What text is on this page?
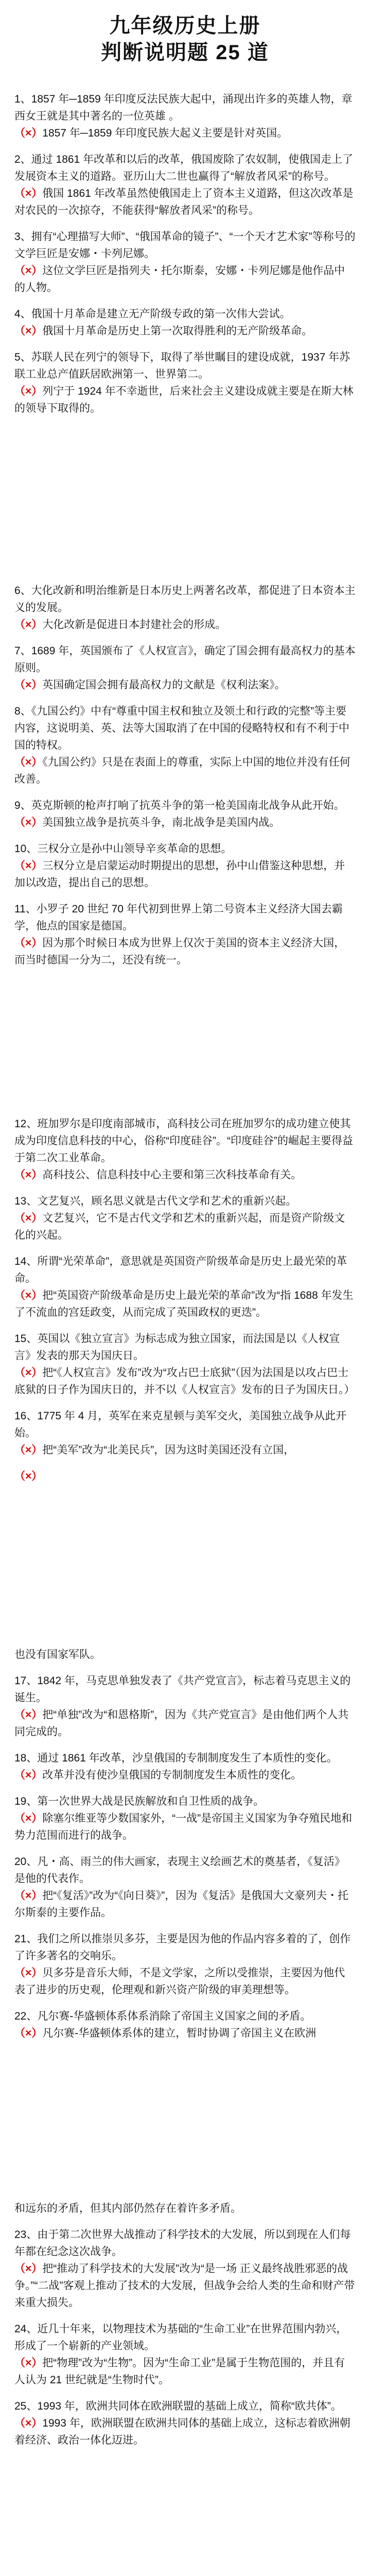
九年级历史上册
判断说明题 25 道
1、1857 年─1859 年印度反法民族大起中，涌现出许多的英雄人物，章西女王就是其中著名的一位英雄 。
（×）1857 年─1859 年印度民族大起义主要是针对英国。
2、通过 1861 年改革和以后的改革，俄国废除了农奴制，使俄国走上了发展资本主义的道路。亚历山大二世也赢得了“解放者风采”的称号。
（×）俄国 1861 年改革虽然使俄国走上了资本主义道路，但这次改革是对农民的一次掠夺，不能获得“解放者风采”的称号。
3、拥有“心理描写大师”、“俄国革命的镜子”、“一个天才艺术家”等称号的文学巨匠是安娜・卡列尼娜。
（×）这位文学巨匠是指列夫・托尔斯泰，安娜・卡列尼娜是他作品中的人物。
4、俄国十月革命是建立无产阶级专政的第一次伟大尝试。
（×）俄国十月革命是历史上第一次取得胜利的无产阶级革命。
5、苏联人民在列宁的领导下，取得了举世瞩目的建设成就，1937 年苏联工业总产值跃居欧洲第一、世界第二。
（×）列宁于 1924 年不幸逝世，后来社会主义建设成就主要是在斯大林的领导下取得的。
6、大化改新和明治维新是日本历史上两著名改革，都促进了日本资本主义的发展。
（×）大化改新是促进日本封建社会的形成。
7、1689 年，英国颁布了《人权宣言》，确定了国会拥有最高权力的基本原则。
（×）英国确定国会拥有最高权力的文献是《权利法案》。
8、《九国公约》中有“尊重中国主权和独立及领土和行政的完整”等主要内容，这说明美、英、法等大国取消了在中国的侵略特权和有不利于中国的特权。
（×）《九国公约》只是在表面上的尊重，实际上中国的地位并没有任何改善。
9、英克斯顿的枪声打响了抗英斗争的第一枪美国南北战争从此开始。
（×）美国独立战争是抗英斗争，南北战争是美国内战。
10、三权分立是孙中山领导辛亥革命的思想。
（×）三权分立是启蒙运动时期提出的思想，孙中山借鉴这种思想，并加以改造，提出自己的思想。
11、小罗子 20 世纪 70 年代初到世界上第二号资本主义经济大国去霸学，他点的国家是德国。
（×）因为那个时候日本成为世界上仅次于美国的资本主义经济大国，而当时德国一分为二，还没有统一。
12、班加罗尔是印度南部城市，高科技公司在班加罗尔的成功建立使其成为印度信息科技的中心，俗称“印度硅谷”。“印度硅谷”的崛起主要得益于第二次工业革命。
（×）高科技公、信息科技中心主要和第三次科技革命有关。
13、文艺复兴，顾名思义就是古代文学和艺术的重新兴起。
（×）文艺复兴，它不是古代文学和艺术的重新兴起，而是资产阶级文化的兴起。
14、所谓“光荣革命”，意思就是英国资产阶级革命是历史上最光荣的革命。
（×）把“英国资产阶级革命是历史上最光荣的革命”改为“指 1688 年发生了不流血的宫廷政变，从而完成了英国政权的更迭”。
15、英国以《独立宣言》为标志成为独立国家，而法国是以《人权宣言》发表的那天为国庆日。
（×）把“《人权宣言》发布”改为“攻占巴士底狱”（因为法国是以攻占巴士底狱的日子作为国庆日的，并不以《人权宣言》发布的日子为国庆日。）
16、1775 年 4 月，英军在来克星顿与美军交火，美国独立战争从此开始。
（×）把“美军”改为“北美民兵”，因为这时美国还没有立国，
（×）
也没有国家军队。
17、1842 年，马克思单独发表了《共产党宣言》，标志着马克思主义的诞生。
（×）把“单独”改为“和恩格斯”，因为《共产党宣言》是由他们两个人共同完成的。
18、通过 1861 年改革，沙皇俄国的专制制度发生了本质性的变化。
（×）改革并没有使沙皇俄国的专制制度发生本质性的变化。
19、第一次世界大战是民族解放和自卫性质的战争。
（×）除塞尔维亚等少数国家外，“一战”是帝国主义国家为争夺殖民地和势力范围而进行的战争。
20、凡・高、雨兰的伟大画家，表现主义绘画艺术的奠基者，《复活》是他的代表作。
（×）把“《复活》”改为“《向日葵》”，因为《复活》是俄国大文豪列夫・托尔斯泰的主要作品。
21、我们之所以推崇贝多芬，主要是因为他的作品内容多着的了，创作了许多著名的交响乐。
（×）贝多芬是音乐大师，不是文学家，之所以受推崇，主要因为他代表了进步的历史观，伦理观和新兴资产阶级的审美理想等。
22、凡尔赛-华盛顿体系体系消除了帝国主义国家之间的矛盾。
（×）凡尔赛-华盛顿体系体的建立，暂时协调了帝国主义在欧洲
和远东的矛盾，但其内部仍然存在着许多矛盾。
23、由于第二次世界大战推动了科学技术的大发展，所以到现在人们每年都在纪念这次战争。
（×）把“推动了科学技术的大发展”改为“是一场 正义最终战胜邪恶的战争。”“二战”客观上推动了技术的大发展，但战争会给人类的生命和财产带来重大损失。
24、近几十年来，以物理技术为基础的“生命工业”在世界范围内勃兴，形成了一个崭新的产业领域。
（×）把“物理”改为“生物”。因为“生命工业”是属于生物范围的，并且有人认为 21 世纪就是“生物时代”。
25、1993 年，欧洲共同体在欧洲联盟的基础上成立，简称“欧共体”。
（×）1993 年，欧洲联盟在欧洲共同体的基础上成立，这标志着欧洲朝着经济、政治一体化迈进。
